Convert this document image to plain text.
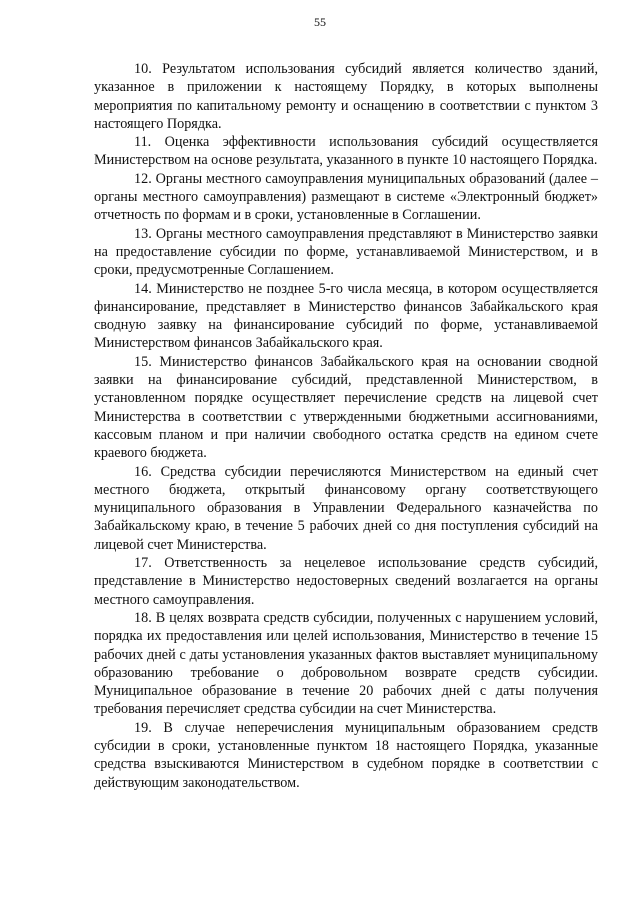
55

10. Результатом использования субсидий является количество зданий, указанное в приложении к настоящему Порядку, в которых выполнены мероприятия по капитальному ремонту и оснащению в соответствии с пунктом 3 настоящего Порядка.

11. Оценка эффективности использования субсидий осуществляется Министерством на основе результата, указанного в пункте 10 настоящего Порядка.

12. Органы местного самоуправления муниципальных образований (далее – органы местного самоуправления) размещают в системе «Электронный бюджет» отчетность по формам и в сроки, установленные в Соглашении.

13. Органы местного самоуправления представляют в Министерство заявки на предоставление субсидии по форме, устанавливаемой Министерством, и в сроки, предусмотренные Соглашением.

14. Министерство не позднее 5-го числа месяца, в котором осуществляется финансирование, представляет в Министерство финансов Забайкальского края сводную заявку на финансирование субсидий по форме, устанавливаемой Министерством финансов Забайкальского края.

15. Министерство финансов Забайкальского края на основании сводной заявки на финансирование субсидий, представленной Министерством, в установленном порядке осуществляет перечисление средств на лицевой счет Министерства в соответствии с утвержденными бюджетными ассигнованиями, кассовым планом и при наличии свободного остатка средств на едином счете краевого бюджета.

16. Средства субсидии перечисляются Министерством на единый счет местного бюджета, открытый финансовому органу соответствующего муниципального образования в Управлении Федерального казначейства по Забайкальскому краю, в течение 5 рабочих дней со дня поступления субсидий на лицевой счет Министерства.

17. Ответственность за нецелевое использование средств субсидий, представление в Министерство недостоверных сведений возлагается на органы местного самоуправления.

18. В целях возврата средств субсидии, полученных с нарушением условий, порядка их предоставления или целей использования, Министерство в течение 15 рабочих дней с даты установления указанных фактов выставляет муниципальному образованию требование о добровольном возврате средств субсидии. Муниципальное образование в течение 20 рабочих дней с даты получения требования перечисляет средства субсидии на счет Министерства.

19. В случае неперечисления муниципальным образованием средств субсидии в сроки, установленные пунктом 18 настоящего Порядка, указанные средства взыскиваются Министерством в судебном порядке в соответствии с действующим законодательством.
